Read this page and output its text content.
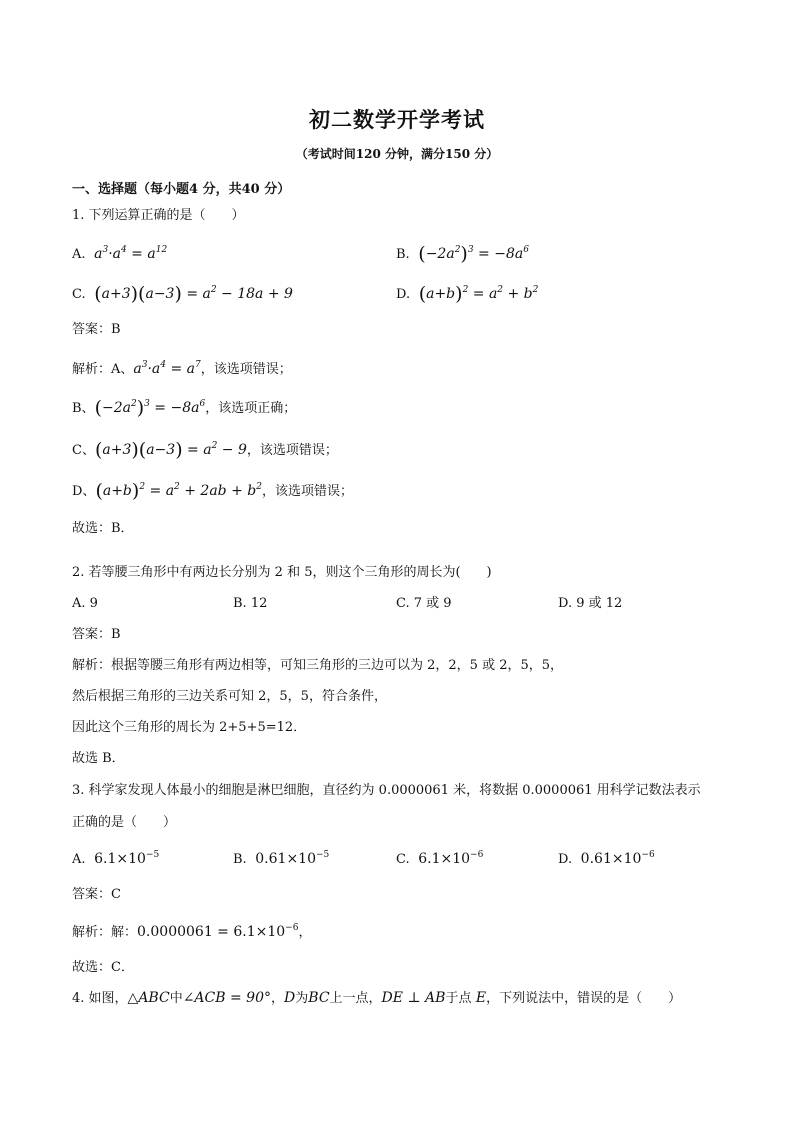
初二数学开学考试
（考试时间120 分钟，满分150 分）
一、选择题（每小题4 分，共40 分）
1. 下列运算正确的是（　　）
A.  $a^3\cdot a^4 = a^{12}$	B. $(-2a^2)^3 = -8a^6$
C. $(a+3)(a-3) = a^2 - 18a + 9$	D. $(a+b)^2 = a^2 + b^2$
答案：B
解析：A、$a^3\cdot a^4 = a^7$，该选项错误；
B、$(-2a^2)^3 = -8a^6$，该选项正确；
C、$(a+3)(a-3) = a^2 - 9$，该选项错误；
D、$(a+b)^2 = a^2 + 2ab + b^2$，该选项错误；
故选：B．
2. 若等腰三角形中有两边长分别为 2 和 5，则这个三角形的周长为(　　)
A. 9	B. 12	C. 7 或 9	D. 9 或 12
答案：B
解析：根据等腰三角形有两边相等，可知三角形的三边可以为 2，2，5 或 2，5，5，
然后根据三角形的三边关系可知 2，5，5，符合条件，
因此这个三角形的周长为 2+5+5=12．
故选 B．
3. 科学家发现人体最小的细胞是淋巴细胞，直径约为 0.0000061 米，将数据 0.0000061 用科学记数法表示
正确的是（　　）
A.  $6.1\times 10^{-5}$	B.  $0.61\times 10^{-5}$	C.  $6.1\times 10^{-6}$	D.  $0.61\times 10^{-6}$
答案：C
解析：解：$0.0000061 = 6.1\times 10^{-6}$，
故选：C．
4. 如图，△ABC中∠ACB = 90°，D为BC上一点，DE ⊥ AB于点 E，下列说法中，错误的是（　　）
